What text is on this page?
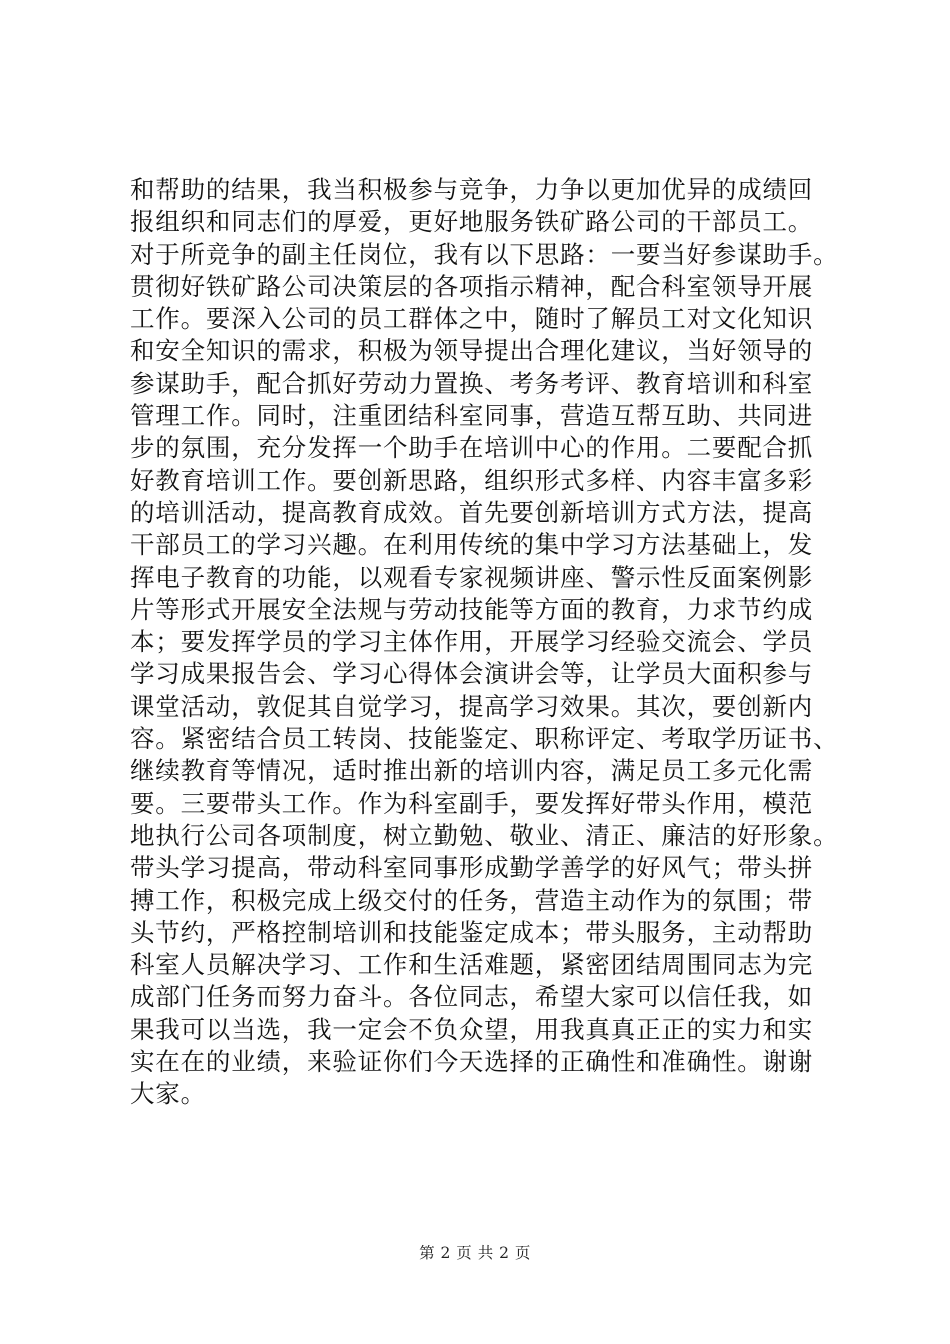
和帮助的结果，我当积极参与竞争，力争以更加优异的成绩回
报组织和同志们的厚爱，更好地服务铁矿路公司的干部员工。
对于所竞争的副主任岗位，我有以下思路：一要当好参谋助手。
贯彻好铁矿路公司决策层的各项指示精神，配合科室领导开展
工作。要深入公司的员工群体之中，随时了解员工对文化知识
和安全知识的需求，积极为领导提出合理化建议，当好领导的
参谋助手，配合抓好劳动力置换、考务考评、教育培训和科室
管理工作。同时，注重团结科室同事，营造互帮互助、共同进
步的氛围，充分发挥一个助手在培训中心的作用。二要配合抓
好教育培训工作。要创新思路，组织形式多样、内容丰富多彩
的培训活动，提高教育成效。首先要创新培训方式方法，提高
干部员工的学习兴趣。在利用传统的集中学习方法基础上，发
挥电子教育的功能，以观看专家视频讲座、警示性反面案例影
片等形式开展安全法规与劳动技能等方面的教育，力求节约成
本；要发挥学员的学习主体作用，开展学习经验交流会、学员
学习成果报告会、学习心得体会演讲会等，让学员大面积参与
课堂活动，敦促其自觉学习，提高学习效果。其次，要创新内
容。紧密结合员工转岗、技能鉴定、职称评定、考取学历证书、
继续教育等情况，适时推出新的培训内容，满足员工多元化需
要。三要带头工作。作为科室副手，要发挥好带头作用，模范
地执行公司各项制度，树立勤勉、敬业、清正、廉洁的好形象。
带头学习提高，带动科室同事形成勤学善学的好风气；带头拼
搏工作，积极完成上级交付的任务，营造主动作为的氛围；带
头节约，严格控制培训和技能鉴定成本；带头服务，主动帮助
科室人员解决学习、工作和生活难题，紧密团结周围同志为完
成部门任务而努力奋斗。各位同志，希望大家可以信任我，如
果我可以当选，我一定会不负众望，用我真真正正的实力和实
实在在的业绩，来验证你们今天选择的正确性和准确性。谢谢
大家。

第 2 页 共 2 页
